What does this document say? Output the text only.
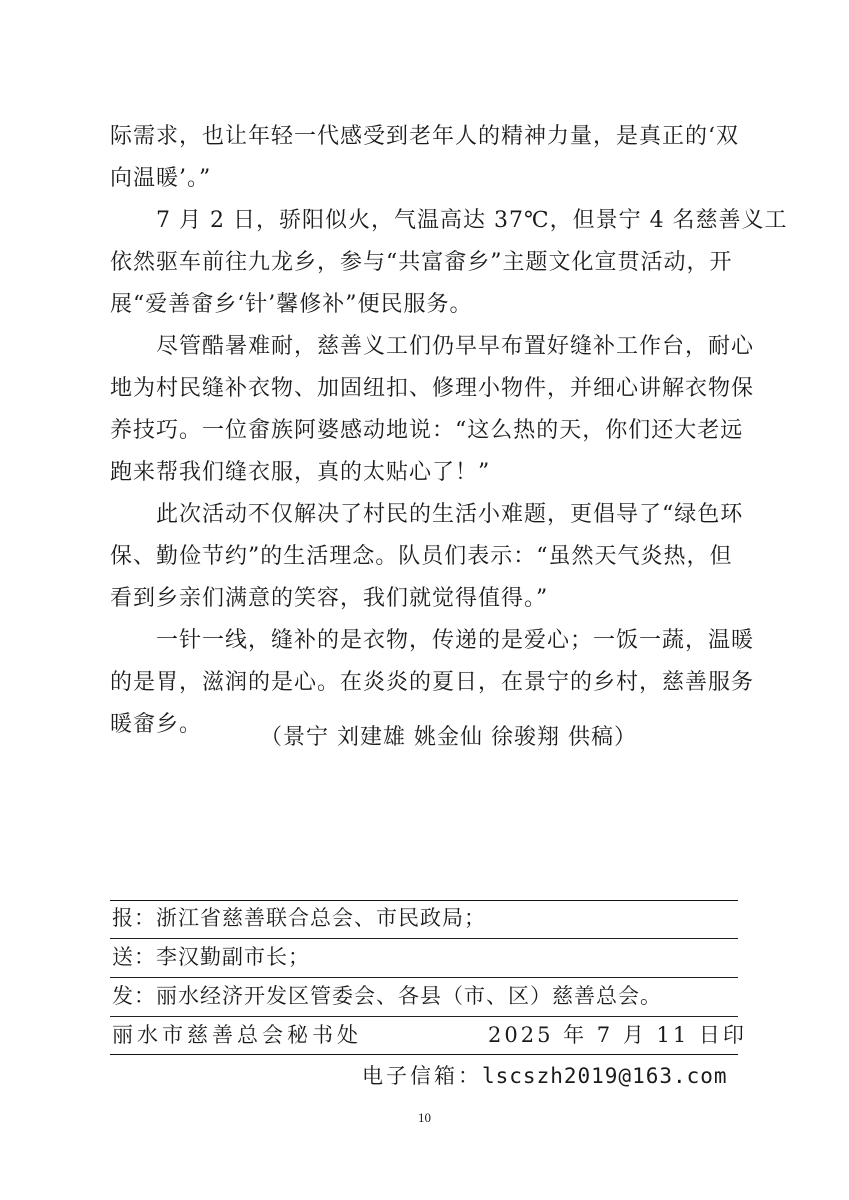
际需求，也让年轻一代感受到老年人的精神力量，是真正的‘双
向温暖’。”
7 月 2 日，骄阳似火，气温高达 37℃，但景宁 4 名慈善义工
依然驱车前往九龙乡，参与“共富畲乡”主题文化宣贯活动，开
展“爱善畲乡‘针’馨修补”便民服务。
尽管酷暑难耐，慈善义工们仍早早布置好缝补工作台，耐心
地为村民缝补衣物、加固纽扣、修理小物件，并细心讲解衣物保
养技巧。一位畲族阿婆感动地说：“这么热的天，你们还大老远
跑来帮我们缝衣服，真的太贴心了！”
此次活动不仅解决了村民的生活小难题，更倡导了“绿色环
保、勤俭节约”的生活理念。队员们表示：“虽然天气炎热，但
看到乡亲们满意的笑容，我们就觉得值得。”
一针一线，缝补的是衣物，传递的是爱心；一饭一蔬，温暖
的是胃，滋润的是心。在炎炎的夏日，在景宁的乡村，慈善服务
暖畲乡。
（景宁 刘建雄 姚金仙 徐骏翔 供稿）
报：浙江省慈善联合总会、市民政局；
送：李汉勤副市长；
发：丽水经济开发区管委会、各县（市、区）慈善总会。
丽水市慈善总会秘书处	2025 年 7 月 11 日印
电子信箱：lscszh2019@163.com
10
